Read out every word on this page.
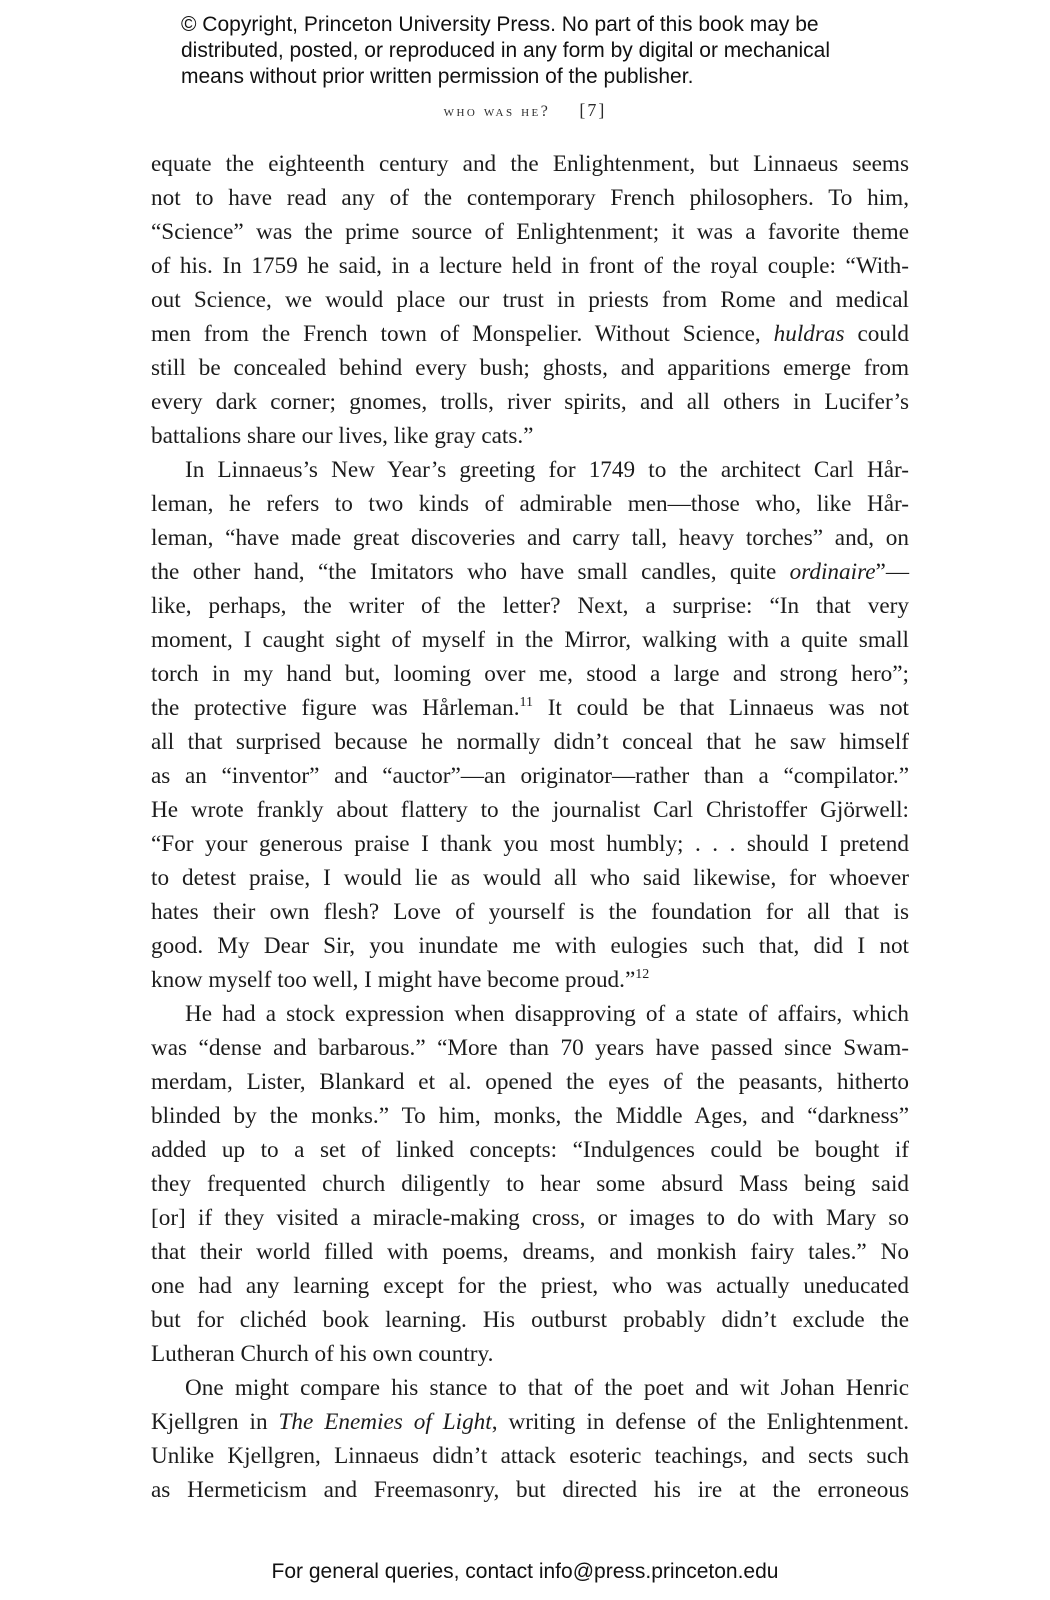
© Copyright, Princeton University Press. No part of this book may be
distributed, posted, or reproduced in any form by digital or mechanical
means without prior written permission of the publisher.
who was he? [7]
equate the eighteenth century and the Enlightenment, but Linnaeus seems
not to have read any of the contemporary French philosophers. To him,
“Science” was the prime source of Enlightenment; it was a favorite theme
of his. In 1759 he said, in a lecture held in front of the royal couple: “With-
out Science, we would place our trust in priests from Rome and medical
men from the French town of Monspelier. Without Science, huldras could
still be concealed behind every bush; ghosts, and apparitions emerge from
every dark corner; gnomes, trolls, river spirits, and all others in Lucifer’s
battalions share our lives, like gray cats.”
In Linnaeus’s New Year’s greeting for 1749 to the architect Carl Hår-
leman, he refers to two kinds of admirable men—those who, like Hår-
leman, “have made great discoveries and carry tall, heavy torches” and, on
the other hand, “the Imitators who have small candles, quite ordinaire”—
like, perhaps, the writer of the letter? Next, a surprise: “In that very
moment, I caught sight of myself in the Mirror, walking with a quite small
torch in my hand but, looming over me, stood a large and strong hero”;
the protective figure was Hårleman.$^{11}$ It could be that Linnaeus was not
all that surprised because he normally didn’t conceal that he saw himself
as an “inventor” and “auctor”—an originator—rather than a “compilator.”
He wrote frankly about flattery to the journalist Carl Christoffer Gjörwell:
“For your generous praise I thank you most humbly; . . . should I pretend
to detest praise, I would lie as would all who said likewise, for whoever
hates their own flesh? Love of yourself is the foundation for all that is
good. My Dear Sir, you inundate me with eulogies such that, did I not
know myself too well, I might have become proud.”$^{12}$
He had a stock expression when disapproving of a state of affairs, which
was “dense and barbarous.” “More than 70 years have passed since Swam-
merdam, Lister, Blankard et al. opened the eyes of the peasants, hitherto
blinded by the monks.” To him, monks, the Middle Ages, and “darkness”
added up to a set of linked concepts: “Indulgences could be bought if
they frequented church diligently to hear some absurd Mass being said
[or] if they visited a miracle-making cross, or images to do with Mary so
that their world filled with poems, dreams, and monkish fairy tales.” No
one had any learning except for the priest, who was actually uneducated
but for clichéd book learning. His outburst probably didn’t exclude the
Lutheran Church of his own country.
One might compare his stance to that of the poet and wit Johan Henric
Kjellgren in The Enemies of Light, writing in defense of the Enlightenment.
Unlike Kjellgren, Linnaeus didn’t attack esoteric teachings, and sects such
as Hermeticism and Freemasonry, but directed his ire at the erroneous
For general queries, contact info@press.princeton.edu
